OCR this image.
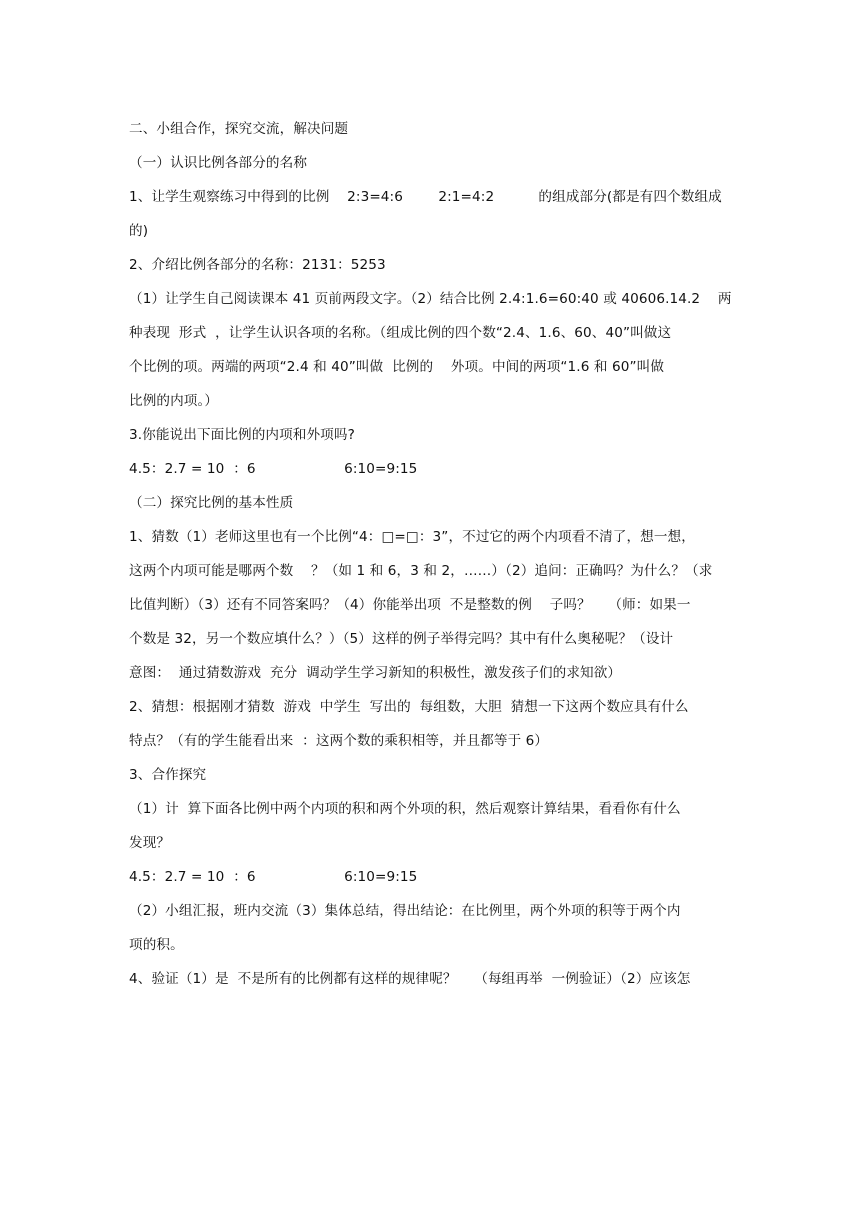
二、小组合作，探究交流，解决问题

（一）认识比例各部分的名称

1、让学生观察练习中得到的比例    2:3=4:6        2:1=4:2          的组成部分(都是有四个数组成

的)

2、介绍比例各部分的名称：2131：5253

（1）让学生自己阅读课本 41 页前两段文字。（2）结合比例 2.4:1.6=60:40 或 40606.14.2    两

种表现  形式  ，让学生认识各项的名称。（组成比例的四个数“2.4、1.6、60、40”叫做这

个比例的项。两端的两项“2.4 和 40”叫做  比例的    外项。中间的两项“1.6 和 60”叫做

比例的内项。）

3.你能说出下面比例的内项和外项吗?

4.5：2.7 = 10  ：6                    6:10=9:15

（二）探究比例的基本性质

1、猜数（1）老师这里也有一个比例“4：□=□：3”，不过它的两个内项看不清了，想一想，

这两个内项可能是哪两个数    ？（如 1 和 6，3 和 2，……）（2）追问：正确吗？为什么？（求

比值判断）（3）还有不同答案吗？（4）你能举出项  不是整数的例    子吗？    （师：如果一

个数是 32，另一个数应填什么？）（5）这样的例子举得完吗？其中有什么奥秘呢？（设计

意图：  通过猜数游戏  充分  调动学生学习新知的积极性，激发孩子们的求知欲）

2、猜想：根据刚才猜数  游戏  中学生  写出的  每组数，大胆  猜想一下这两个数应具有什么

特点？（有的学生能看出来  ：这两个数的乘积相等，并且都等于 6）

3、合作探究

（1）计  算下面各比例中两个内项的积和两个外项的积，然后观察计算结果，看看你有什么

发现？

4.5：2.7 = 10  ：6                    6:10=9:15

（2）小组汇报，班内交流（3）集体总结，得出结论：在比例里，两个外项的积等于两个内

项的积。

4、验证（1）是  不是所有的比例都有这样的规律呢？    （每组再举  一例验证）（2）应该怎
